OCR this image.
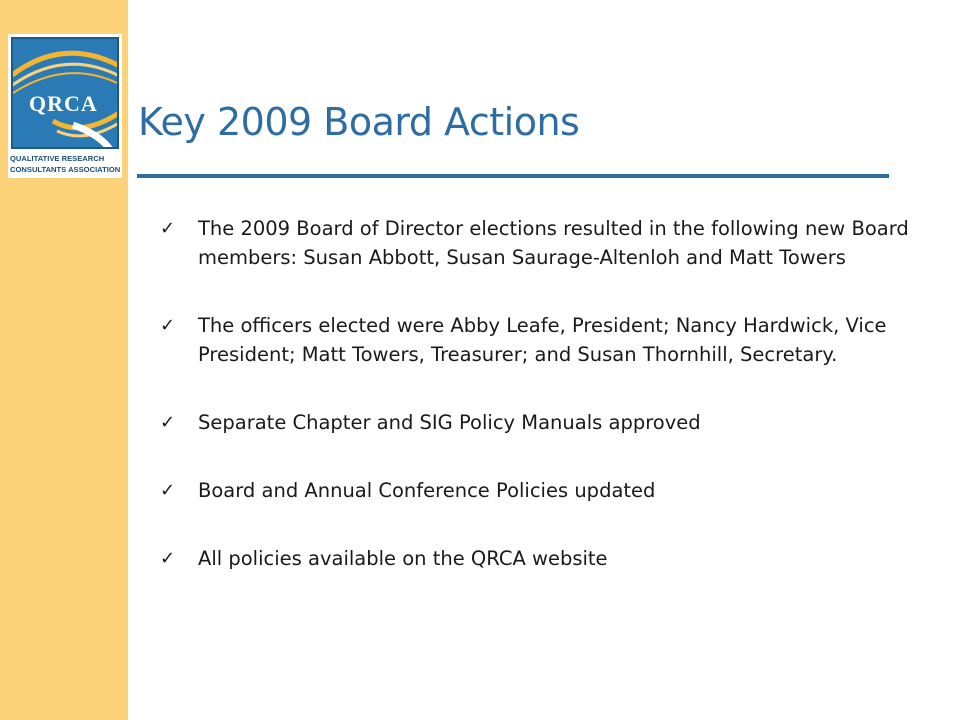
QRCA
QUALITATIVE RESEARCH CONSULTANTS ASSOCIATION
Key 2009 Board Actions
✓ The 2009 Board of Director elections resulted in the following new Board members: Susan Abbott, Susan Saurage-Altenloh and Matt Towers
✓ The officers elected were Abby Leafe, President; Nancy Hardwick, Vice President; Matt Towers, Treasurer; and Susan Thornhill, Secretary.
✓ Separate Chapter and SIG Policy Manuals approved
✓ Board and Annual Conference Policies updated
✓ All policies available on the QRCA website
